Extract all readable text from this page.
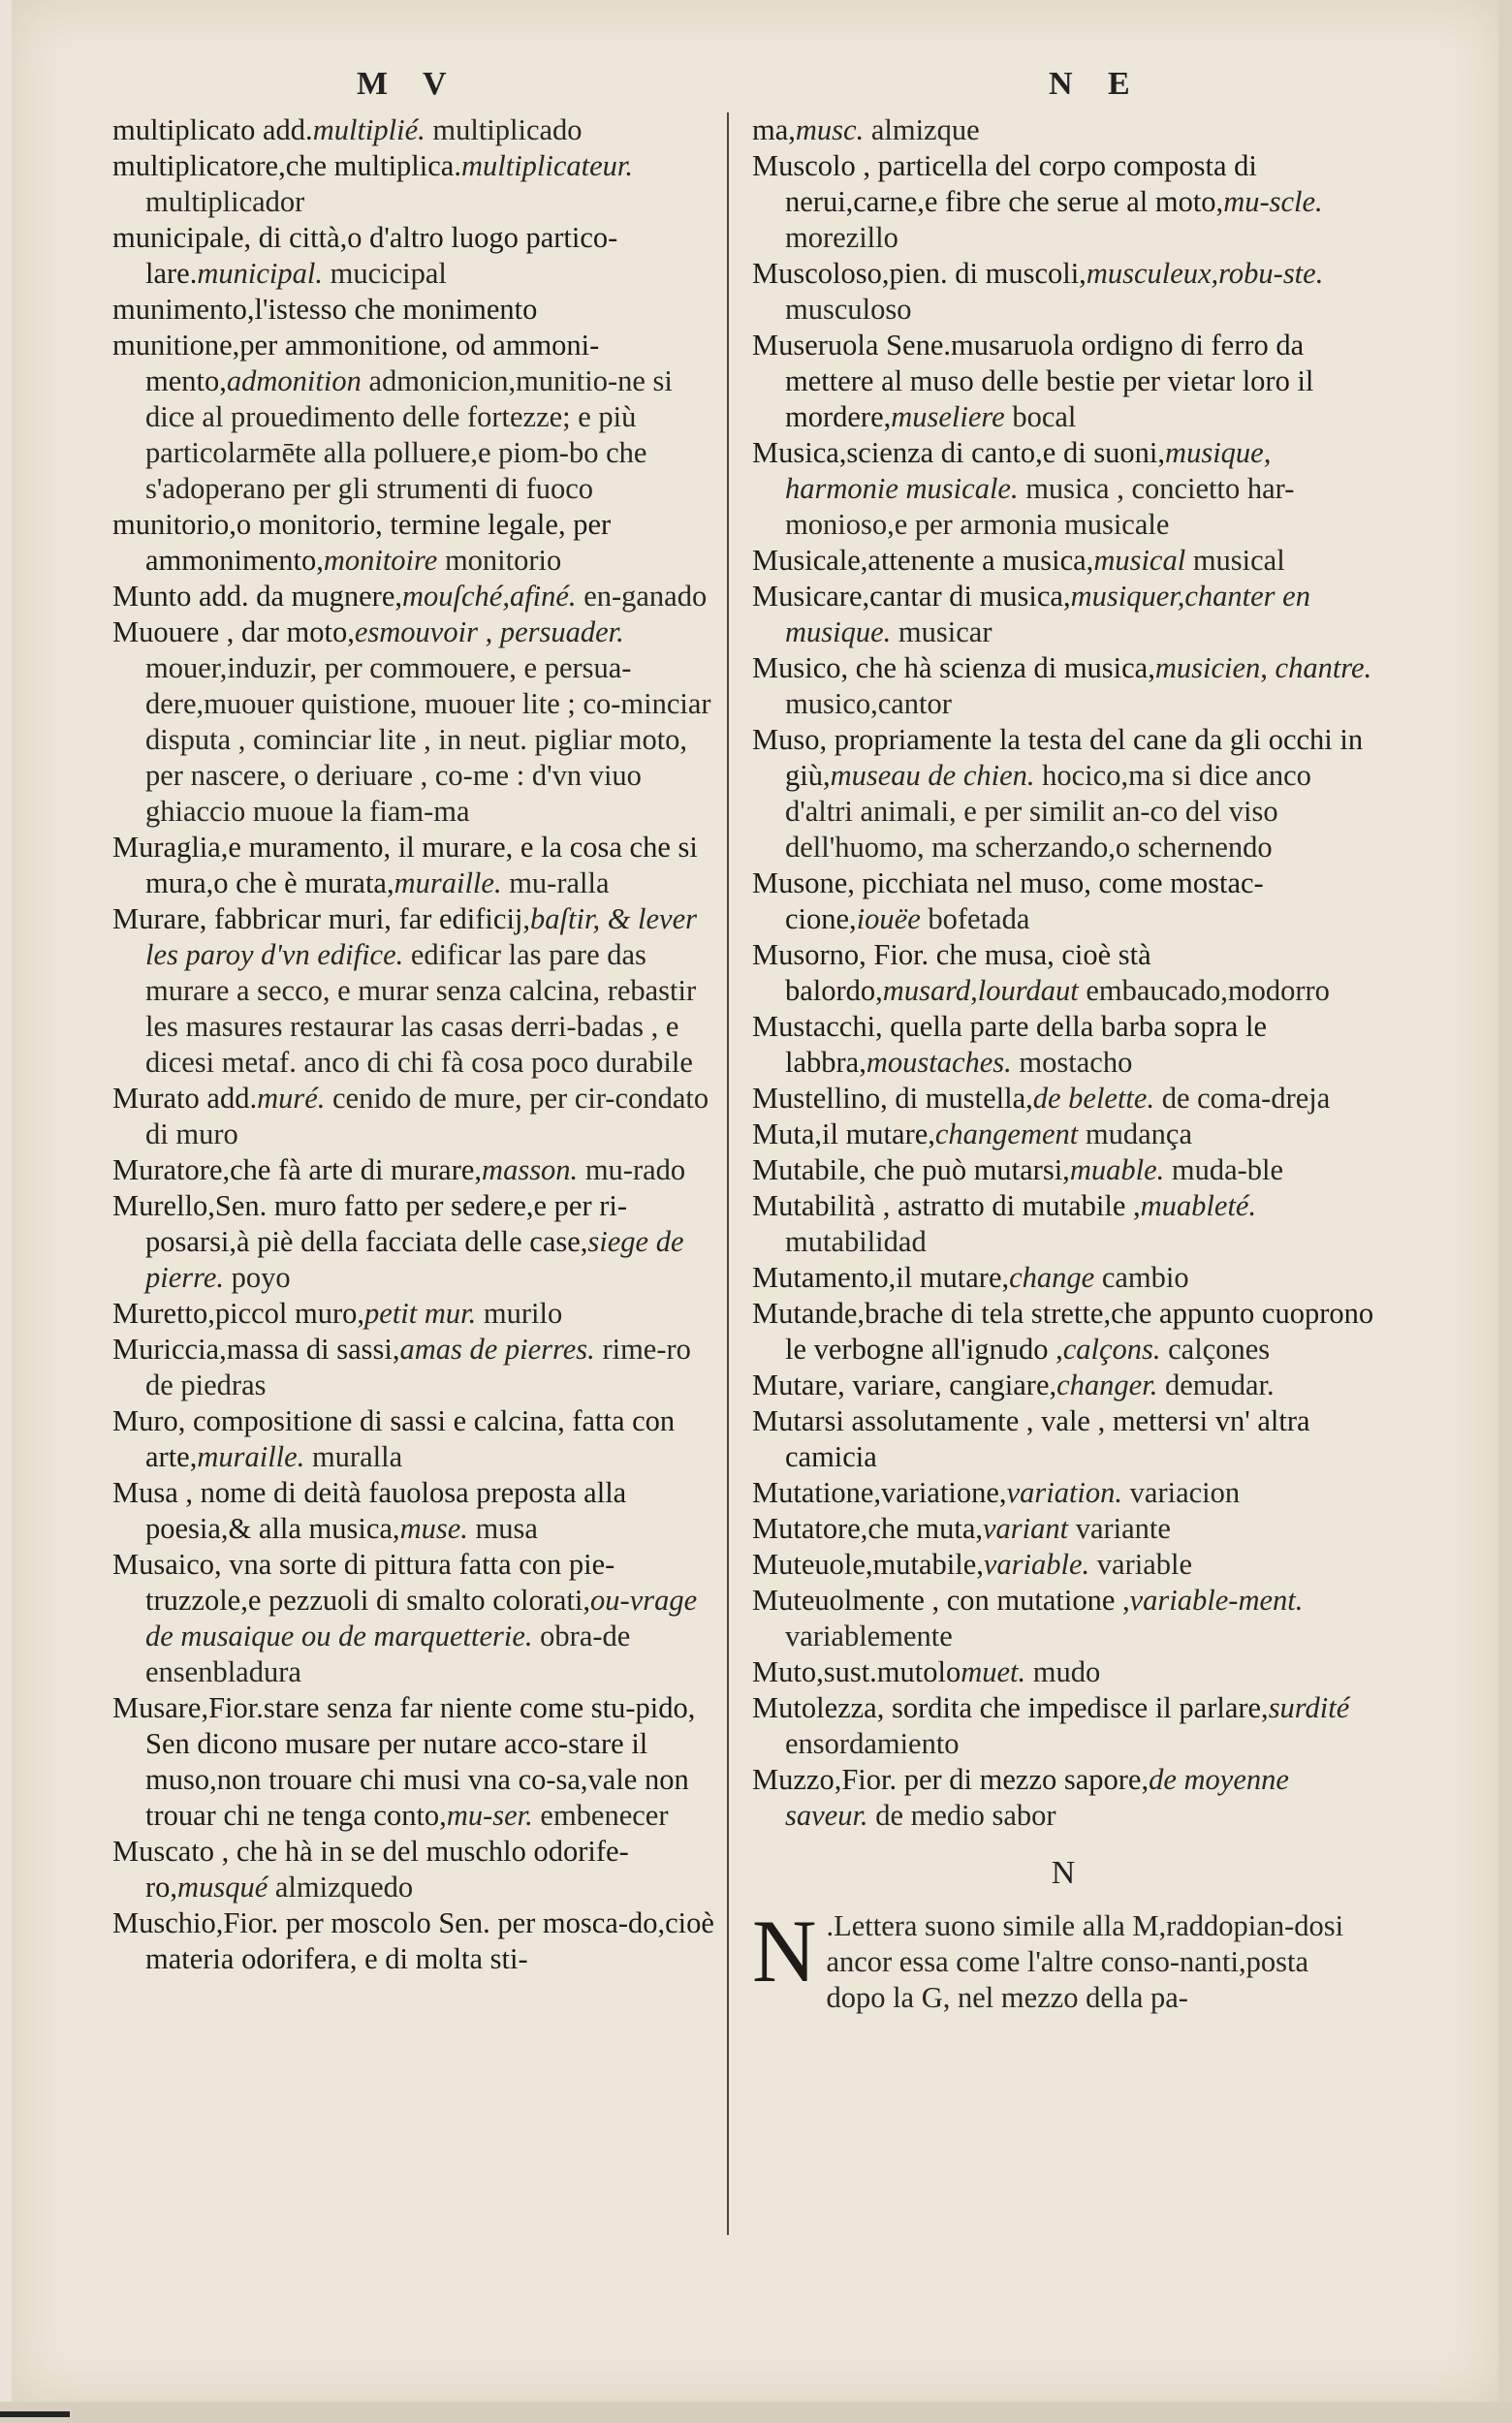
M V	N E

multiplicato add.multiplié. multiplicado

multiplicatore,che multiplica.multiplicateur. multiplicador

municipale, di città,o d'altro luogo partico-lare.municipal. mucicipal

munimento,l'istesso che monimento

munitione,per ammonitione, od ammoni-mento,admonition admonicion,munitio-ne si dice al prouedimento delle fortezze; e più particolarmēte alla polluere,e piom-bo che s'adoperano per gli strumenti di fuoco

munitorio,o monitorio, termine legale, per ammonimento,monitoire monitorio

Munto add. da mugnere,mouſché,afiné. en-ganado

Muouere , dar moto,esmouvoir , persuader. mouer,induzir, per commouere, e persua-dere,muouer quistione, muouer lite ; co-minciar disputa , cominciar lite , in neut. pigliar moto, per nascere, o deriuare , co-me : d'vn viuo ghiaccio muoue la fiam-ma

Muraglia,e muramento, il murare, e la cosa che si mura,o che è murata,muraille. mu-ralla

Murare, fabbricar muri, far edificij,baſtir, & lever les paroy d'vn edifice. edificar las pare das murare a secco, e murar senza calcina, rebastir les masures restaurar las casas derri-badas , e dicesi metaf. anco di chi fà cosa poco durabile

Murato add.muré. cenido de mure, per cir-condato di muro

Muratore,che fà arte di murare,masson. mu-rado

Murello,Sen. muro fatto per sedere,e per ri-posarsi,à piè della facciata delle case,siege de pierre. poyo

Muretto,piccol muro,petit mur. murilo

Muriccia,massa di sassi,amas de pierres. rime-ro de piedras

Muro, compositione di sassi e calcina, fatta con arte,muraille. muralla

Musa , nome di deità fauolosa preposta alla poesia,& alla musica,muse. musa

Musaico, vna sorte di pittura fatta con pie-truzzole,e pezzuoli di smalto colorati,ou-vrage de musaique ou de marquetterie. obra-de ensenbladura

Musare,Fior.stare senza far niente come stu-pido, Sen dicono musare per nutare acco-stare il muso,non trouare chi musi vna co-sa,vale non trouar chi ne tenga conto,mu-ser. embenecer

Muscato , che hà in se del muschlo odorife-ro,musqué almizquedo

Muschio,Fior. per moscolo Sen. per mosca-do,cioè materia odorifera, e di molta sti-

ma,musc. almizque

Muscolo , particella del corpo composta di nerui,carne,e fibre che serue al moto,mu-scle. morezillo

Muscoloso,pien. di muscoli,musculeux,robu-ste. musculoso

Museruola Sene.musaruola ordigno di ferro da mettere al muso delle bestie per vietar loro il mordere,museliere bocal

Musica,scienza di canto,e di suoni,musique, harmonie musicale. musica , concietto har-monioso,e per armonia musicale

Musicale,attenente a musica,musical musical

Musicare,cantar di musica,musiquer,chanter en musique. musicar

Musico, che hà scienza di musica,musicien, chantre. musico,cantor

Muso, propriamente la testa del cane da gli occhi in giù,museau de chien. hocico,ma si dice anco d'altri animali, e per similit an-co del viso dell'huomo, ma scherzando,o schernendo

Musone, picchiata nel muso, come mostac-cione,iouëe bofetada

Musorno, Fior. che musa, cioè stà balordo,musard,lourdaut embaucado,modorro

Mustacchi, quella parte della barba sopra le labbra,moustaches. mostacho

Mustellino, di mustella,de belette. de coma-dreja

Muta,il mutare,changement mudança

Mutabile, che può mutarsi,muable. muda-ble

Mutabilità , astratto di mutabile ,muableté. mutabilidad

Mutamento,il mutare,change cambio

Mutande,brache di tela strette,che appunto cuoprono le verbogne all'ignudo ,calçons. calçones

Mutare, variare, cangiare,changer. demudar.

Mutarsi assolutamente , vale , mettersi vn' altra camicia

Mutatione,variatione,variation. variacion

Mutatore,che muta,variant variante

Muteuole,mutabile,variable. variable

Muteuolmente , con mutatione ,variable-ment. variablemente

Muto,sust.mutolomuet. mudo

Mutolezza, sordita che impedisce il parlare,surdité ensordamiento

Muzzo,Fior. per di mezzo sapore,de moyenne saveur. de medio sabor

N

N .Lettera suono simile alla M,raddopian-dosi ancor essa come l'altre conso-nanti,posta dopo la G, nel mezzo della pa-
